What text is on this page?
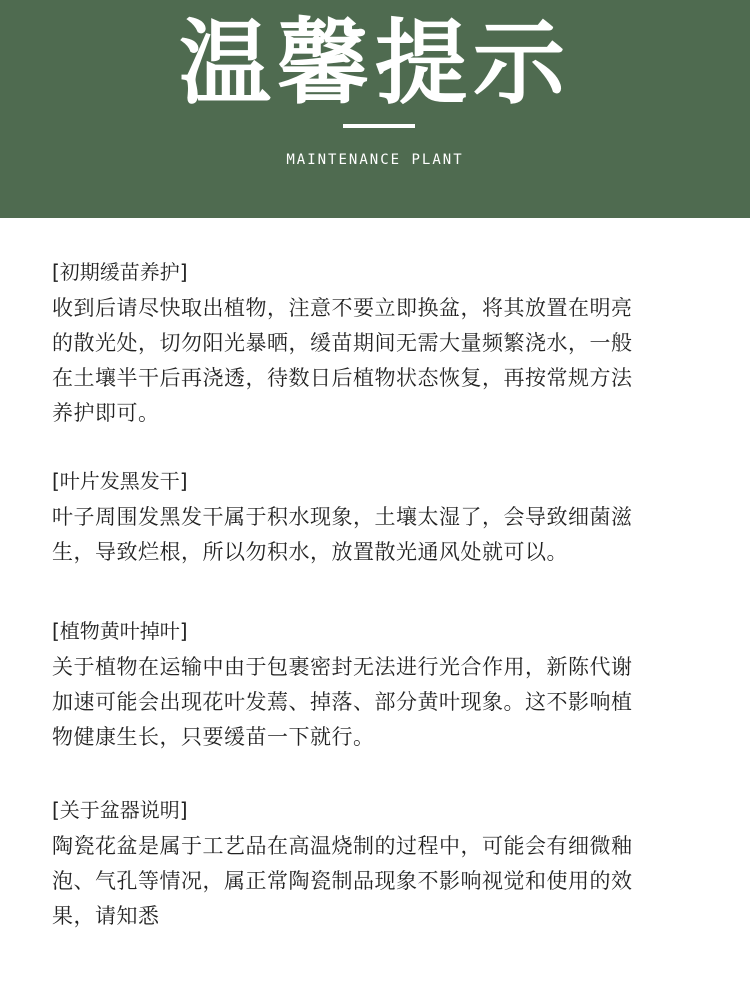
温馨提示
MAINTENANCE PLANT
[初期缓苗养护]
收到后请尽快取出植物，注意不要立即换盆，将其放置在明亮
的散光处，切勿阳光暴晒，缓苗期间无需大量频繁浇水，一般
在土壤半干后再浇透，待数日后植物状态恢复，再按常规方法
养护即可。
[叶片发黑发干]
叶子周围发黑发干属于积水现象，土壤太湿了，会导致细菌滋
生，导致烂根，所以勿积水，放置散光通风处就可以。
[植物黄叶掉叶]
关于植物在运输中由于包裹密封无法进行光合作用，新陈代谢
加速可能会出现花叶发蔫、掉落、部分黄叶现象。这不影响植
物健康生长，只要缓苗一下就行。
[关于盆器说明]
陶瓷花盆是属于工艺品在高温烧制的过程中，可能会有细微釉
泡、气孔等情况，属正常陶瓷制品现象不影响视觉和使用的效
果，请知悉
